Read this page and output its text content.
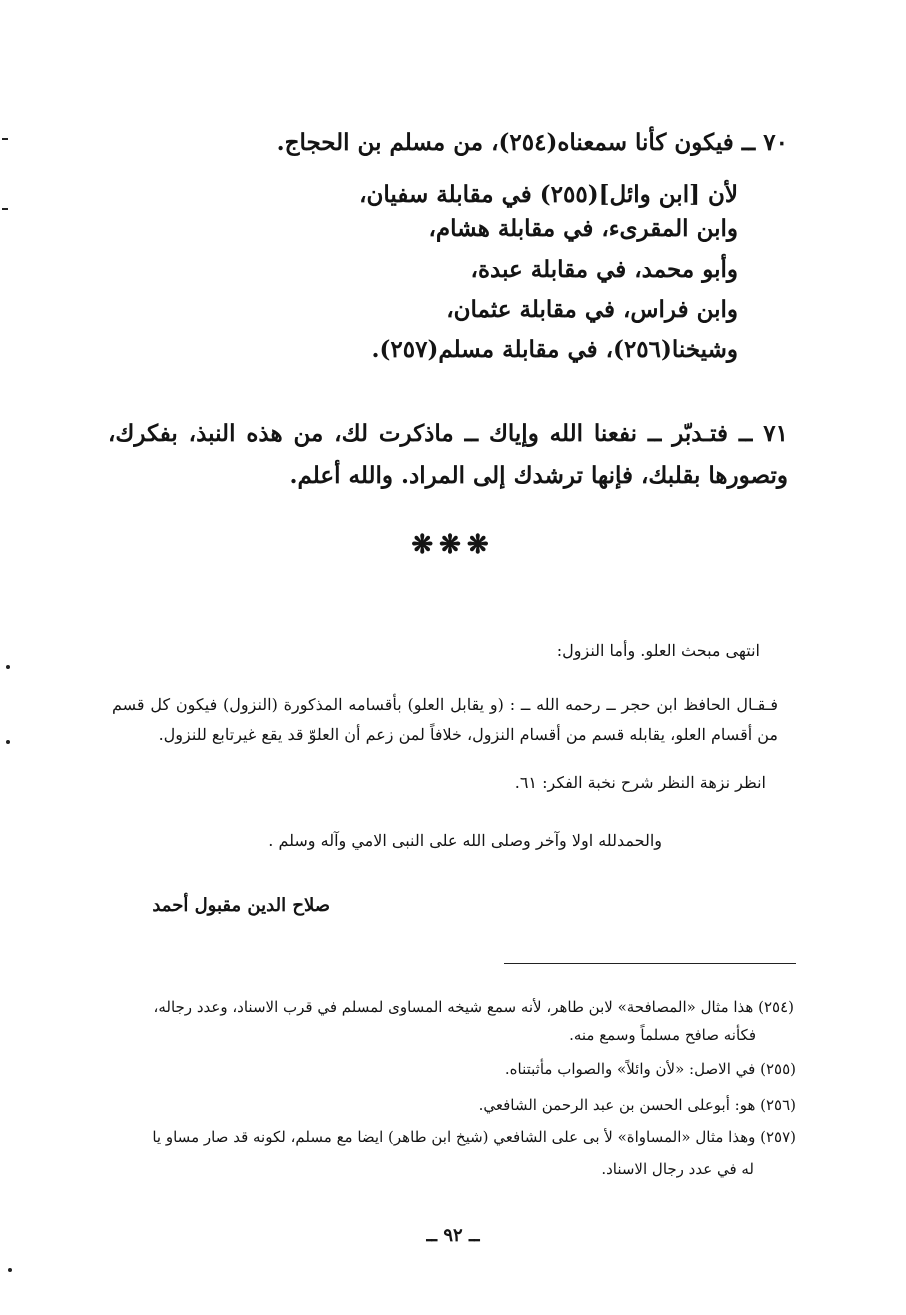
٧٠ ــ فيكون كأنا سمعناه(٢٥٤)، من مسلم بن الحجاج.
لأن [ابن وائل](٢٥٥) في مقابلة سفيان،
وابن المقرىء، في مقابلة هشام،
وأبو محمد، في مقابلة عبدة،
وابن فراس، في مقابلة عثمان،
وشيخنا(٢٥٦)، في مقابلة مسلم(٢٥٧).
٧١ ــ فتـدبّر ــ نفعنا الله وإياك ــ ماذكرت لك، من هذه النبذ، بفكرك، وتصورها بقلبك، فإنها ترشدك إلى المراد. والله أعلم.
❋❋❋
انتهى مبحث العلو. وأما النزول:
فـقـال الحافظ ابن حجر ــ رحمه الله ــ : (و يقابل العلو) بأقسامه المذكورة (النزول) فيكون كل قسم من أقسام العلو، يقابله قسم من أقسام النزول، خلافاً لمن زعم أن العلوّ قد يقع غيرتابع للنزول.
انظر نزهة النظر شرح نخبة الفكر: ٦١.
والحمدلله اولا وآخر وصلى الله على النبى الامي وآله وسلم .
صلاح الدين مقبول أحمد
(٢٥٤) هذا مثال «المصافحة» لابن طاهر، لأنه سمع شيخه المساوى لمسلم في قرب الاسناد، وعدد رجاله،
فكأنه صافح مسلماً وسمع منه.
(٢٥٥) في الاصل: «لأن وائلاً» والصواب مأثبتناه.
(٢٥٦) هو: أبوعلى الحسن بن عبد الرحمن الشافعي.
(٢٥٧) وهذا مثال «المساواة» لأ بى على الشافعي (شيخ ابن طاهر) ايضا مع مسلم، لكونه قد صار مساو يا
له في عدد رجال الاسناد.
ــ ٩٢ ــ
